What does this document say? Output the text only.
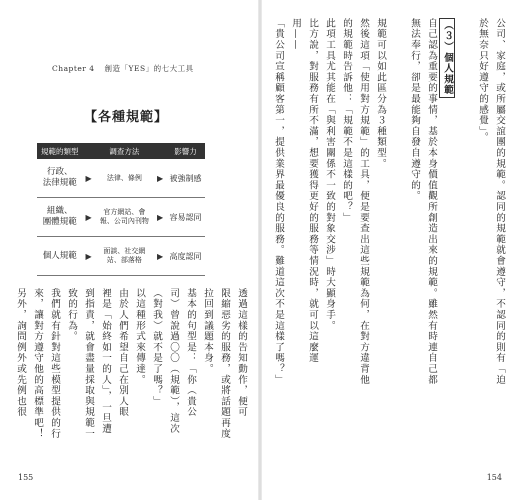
Chapter 4 創造「YES」的七大工具
【各種規範】
規範的類型		調查方法		影響力
行政、
法律規範	▶	法律、條例	▶	被強制感
組織、
團體規範	▶	官方網站、會
報、公司內刊物	▶	容易認同
個人規範	▶	面談、社交網
站、部落格	▶	高度認同
透過這樣的告知動作，便可
限縮惡劣的服務，或將話題再度
拉回到議題本身。
基本的句型是：「你（貴公
司）曾說過〇〇（規範），這次
（對我）就不是了嗎？」
以這種形式來傳達。
由於人們希望自己在別人眼
裡是「始終如一的人」，一旦遭
到指責，就會盡量採取與規範一
致的行為。
我們就有針對這些模型提供的行
來，讓對方遵守他的高標準吧！
另外，詢問例外或先例也很
155
公司、家庭，或所屬交誼團的規範。認同的規範就會遵守，不認同的則有「迫
於無奈只好遵守的感覺」。
（３）個人規範
自己認為重要的事情，基於本身價值觀所創造出來的規範。雖然有時連自己都
無法奉行，卻是最能夠自發自遵守的。
規範可以如此區分為３種類型。
然後這項「使用對方規範」的工具，便是要查出這些規範為何，在對方違背他
的規範時告訴他：「規範不是這樣的吧？」
此項工具尤其能在「與利害關係不一致的對象交涉」時大顯身手。
比方說，對服務有所不滿，想要獲得更好的服務等情況時，就可以這麼運
用——
「貴公司宣稱顧客第一，提供業界最優良的服務。難道這次不是這樣了嗎？」
154
